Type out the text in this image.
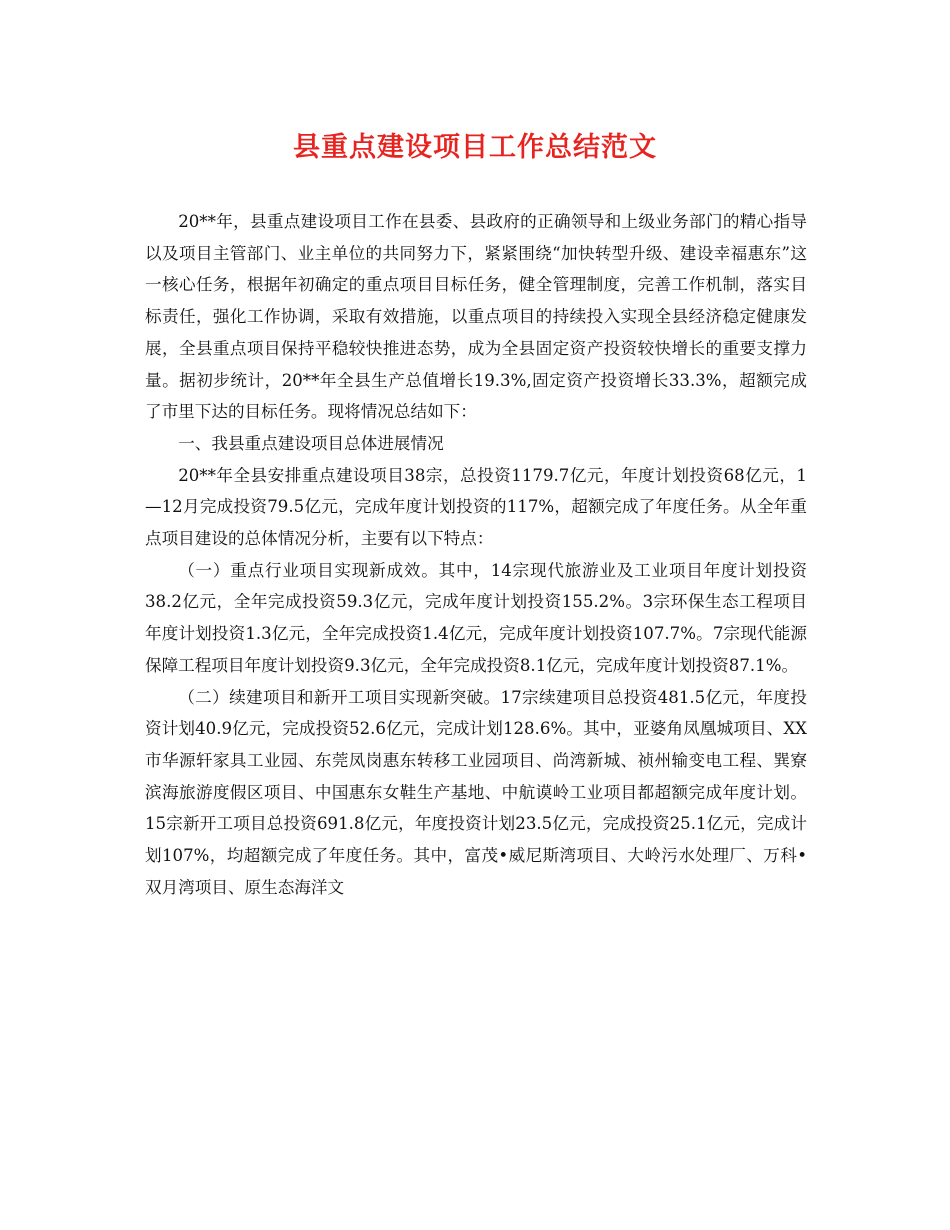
县重点建设项目工作总结范文

20**年，县重点建设项目工作在县委、县政府的正确领导和上级业务部门的精心指导以及项目主管部门、业主单位的共同努力下，紧紧围绕“加快转型升级、建设幸福惠东”这一核心任务，根据年初确定的重点项目目标任务，健全管理制度，完善工作机制，落实目标责任，强化工作协调，采取有效措施，以重点项目的持续投入实现全县经济稳定健康发展，全县重点项目保持平稳较快推进态势，成为全县固定资产投资较快增长的重要支撑力量。据初步统计，20**年全县生产总值增长19.3%,固定资产投资增长33.3%，超额完成了市里下达的目标任务。现将情况总结如下：

一、我县重点建设项目总体进展情况

20**年全县安排重点建设项目38宗，总投资1179.7亿元，年度计划投资68亿元，1—12月完成投资79.5亿元，完成年度计划投资的117%，超额完成了年度任务。从全年重点项目建设的总体情况分析，主要有以下特点：

（一）重点行业项目实现新成效。其中，14宗现代旅游业及工业项目年度计划投资38.2亿元，全年完成投资59.3亿元，完成年度计划投资155.2%。3宗环保生态工程项目年度计划投资1.3亿元，全年完成投资1.4亿元，完成年度计划投资107.7%。7宗现代能源保障工程项目年度计划投资9.3亿元，全年完成投资8.1亿元，完成年度计划投资87.1%。

（二）续建项目和新开工项目实现新突破。17宗续建项目总投资481.5亿元，年度投资计划40.9亿元，完成投资52.6亿元，完成计划128.6%。其中，亚婆角凤凰城项目、XX市华源轩家具工业园、东莞凤岗惠东转移工业园项目、尚湾新城、祯州输变电工程、巽寮滨海旅游度假区项目、中国惠东女鞋生产基地、中航谟岭工业项目都超额完成年度计划。15宗新开工项目总投资691.8亿元，年度投资计划23.5亿元，完成投资25.1亿元，完成计划107%，均超额完成了年度任务。其中，富茂•威尼斯湾项目、大岭污水处理厂、万科•双月湾项目、原生态海洋文
